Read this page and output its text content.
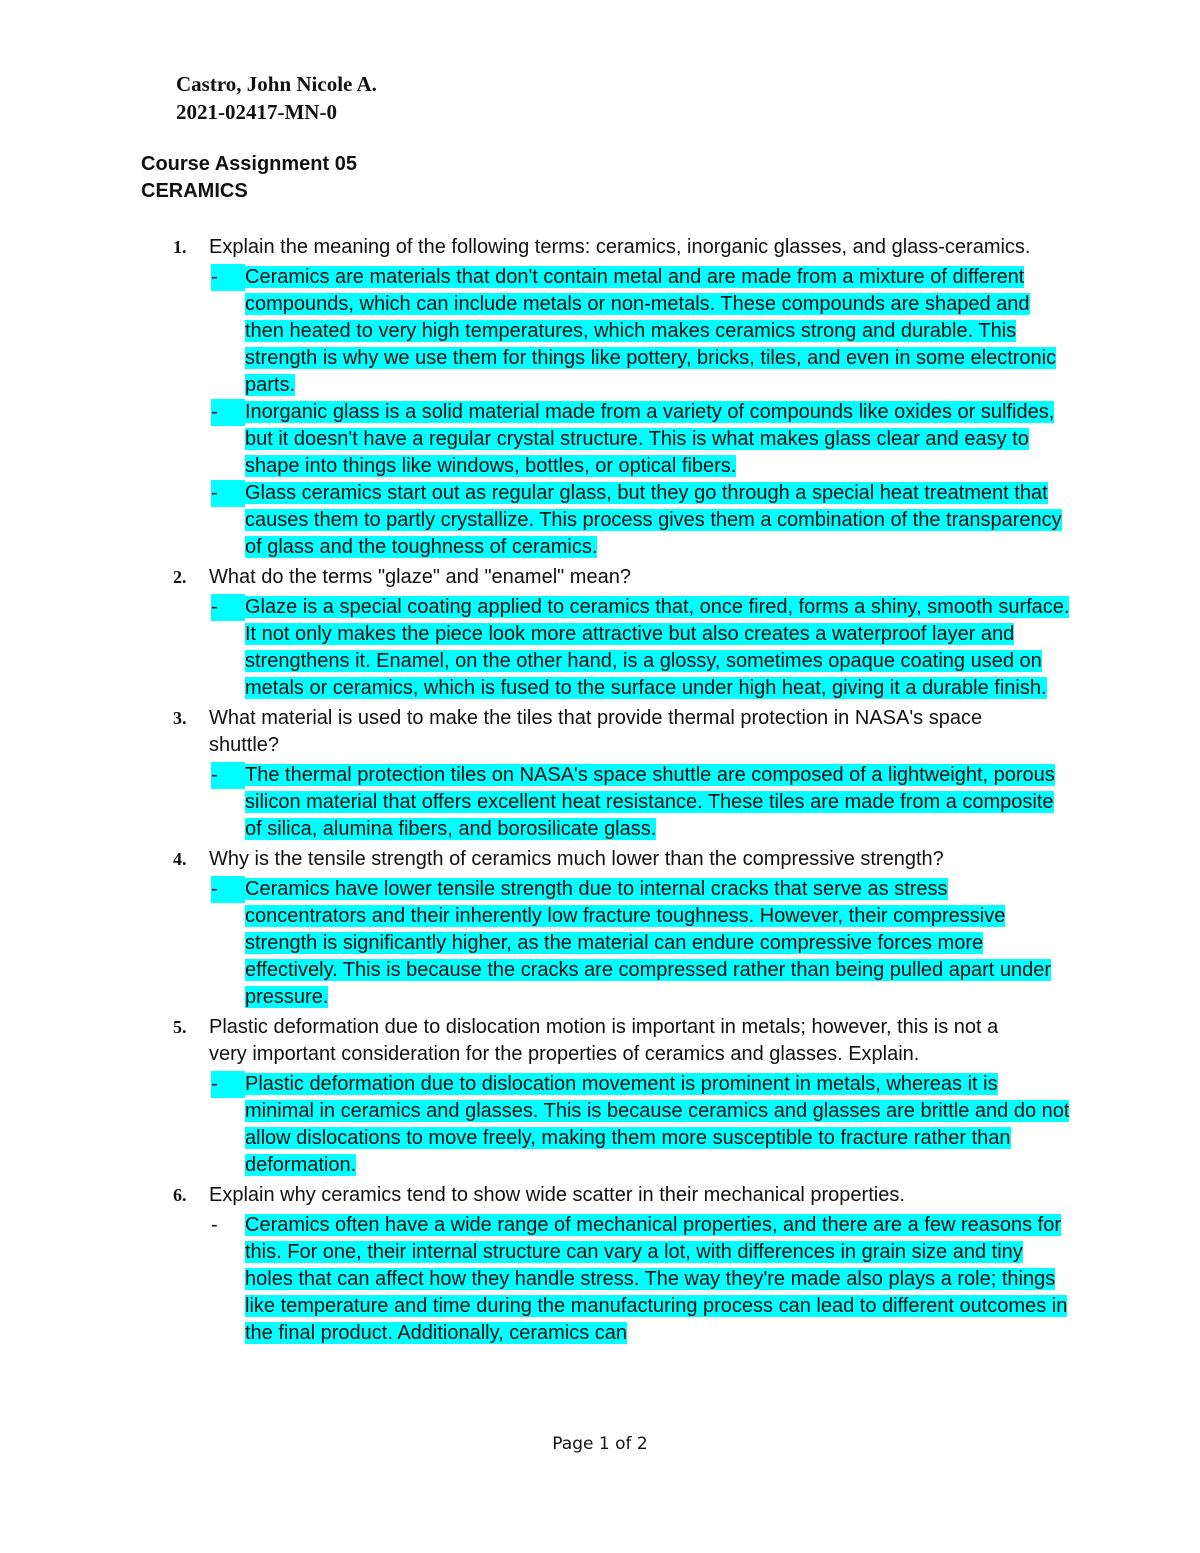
Castro, John Nicole A.
2021-02417-MN-0
Course Assignment 05
CERAMICS
1. Explain the meaning of the following terms: ceramics, inorganic glasses, and glass-ceramics.
-	Ceramics are materials that don't contain metal and are made from a mixture of different compounds, which can include metals or non-metals. These compounds are shaped and then heated to very high temperatures, which makes ceramics strong and durable. This strength is why we use them for things like pottery, bricks, tiles, and even in some electronic parts.
-	Inorganic glass is a solid material made from a variety of compounds like oxides or sulfides, but it doesn't have a regular crystal structure. This is what makes glass clear and easy to shape into things like windows, bottles, or optical fibers.
-	Glass ceramics start out as regular glass, but they go through a special heat treatment that causes them to partly crystallize. This process gives them a combination of the transparency of glass and the toughness of ceramics.
2. What do the terms "glaze" and "enamel" mean?
-	Glaze is a special coating applied to ceramics that, once fired, forms a shiny, smooth surface. It not only makes the piece look more attractive but also creates a waterproof layer and strengthens it. Enamel, on the other hand, is a glossy, sometimes opaque coating used on metals or ceramics, which is fused to the surface under high heat, giving it a durable finish.
3. What material is used to make the tiles that provide thermal protection in NASA's space shuttle?
-	The thermal protection tiles on NASA's space shuttle are composed of a lightweight, porous silicon material that offers excellent heat resistance. These tiles are made from a composite of silica, alumina fibers, and borosilicate glass.
4. Why is the tensile strength of ceramics much lower than the compressive strength?
-	Ceramics have lower tensile strength due to internal cracks that serve as stress concentrators and their inherently low fracture toughness. However, their compressive strength is significantly higher, as the material can endure compressive forces more effectively. This is because the cracks are compressed rather than being pulled apart under pressure.
5. Plastic deformation due to dislocation motion is important in metals; however, this is not a very important consideration for the properties of ceramics and glasses. Explain.
-	Plastic deformation due to dislocation movement is prominent in metals, whereas it is minimal in ceramics and glasses. This is because ceramics and glasses are brittle and do not allow dislocations to move freely, making them more susceptible to fracture rather than deformation.
6. Explain why ceramics tend to show wide scatter in their mechanical properties.
-	Ceramics often have a wide range of mechanical properties, and there are a few reasons for this. For one, their internal structure can vary a lot, with differences in grain size and tiny holes that can affect how they handle stress. The way they're made also plays a role; things like temperature and time during the manufacturing process can lead to different outcomes in the final product. Additionally, ceramics can
Page 1 of 2
